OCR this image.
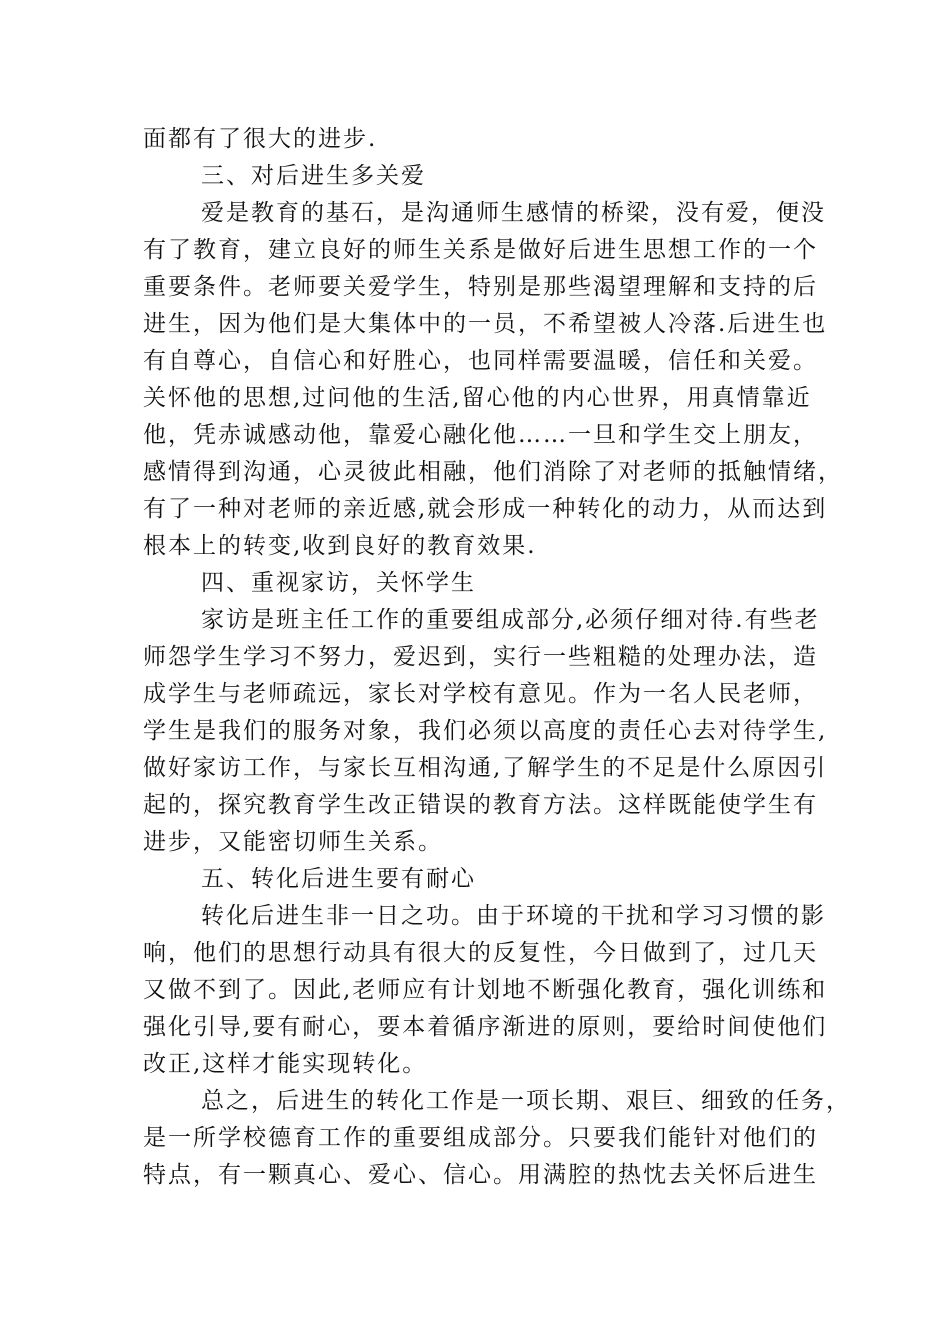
面都有了很大的进步.
三、对后进生多关爱
爱是教育的基石，是沟通师生感情的桥梁，没有爱，便没
有了教育，建立良好的师生关系是做好后进生思想工作的一个
重要条件。老师要关爱学生，特别是那些渴望理解和支持的后
进生，因为他们是大集体中的一员，不希望被人冷落.后进生也
有自尊心，自信心和好胜心，也同样需要温暖，信任和关爱。
关怀他的思想,过问他的生活,留心他的内心世界，用真情靠近
他，凭赤诚感动他，靠爱心融化他……一旦和学生交上朋友，
感情得到沟通，心灵彼此相融，他们消除了对老师的抵触情绪，
有了一种对老师的亲近感,就会形成一种转化的动力，从而达到
根本上的转变,收到良好的教育效果.
四、重视家访，关怀学生
家访是班主任工作的重要组成部分,必须仔细对待.有些老
师怨学生学习不努力，爱迟到，实行一些粗糙的处理办法，造
成学生与老师疏远，家长对学校有意见。作为一名人民老师，
学生是我们的服务对象，我们必须以高度的责任心去对待学生,
做好家访工作，与家长互相沟通,了解学生的不足是什么原因引
起的，探究教育学生改正错误的教育方法。这样既能使学生有
进步，又能密切师生关系。
五、转化后进生要有耐心
转化后进生非一日之功。由于环境的干扰和学习习惯的影
响，他们的思想行动具有很大的反复性，今日做到了，过几天
又做不到了。因此,老师应有计划地不断强化教育，强化训练和
强化引导,要有耐心，要本着循序渐进的原则，要给时间使他们
改正,这样才能实现转化。
总之，后进生的转化工作是一项长期、艰巨、细致的任务，
是一所学校德育工作的重要组成部分。只要我们能针对他们的
特点，有一颗真心、爱心、信心。用满腔的热忱去关怀后进生
